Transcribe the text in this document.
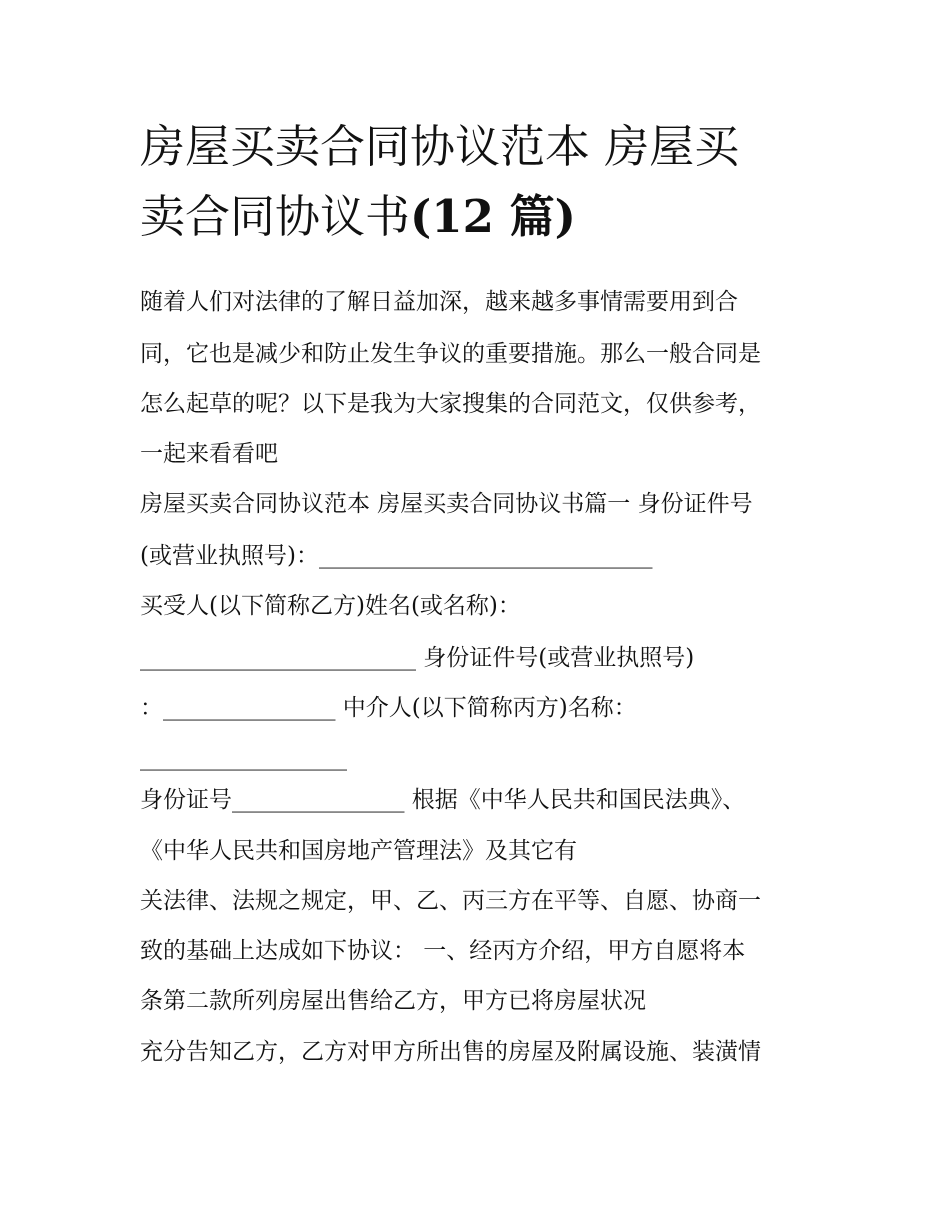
房屋买卖合同协议范本 房屋买
卖合同协议书(12 篇)

随着人们对法律的了解日益加深，越来越多事情需要用到合

同，它也是减少和防止发生争议的重要措施。那么一般合同是

怎么起草的呢？以下是我为大家搜集的合同范文，仅供参考，

一起来看看吧

房屋买卖合同协议范本 房屋买卖合同协议书篇一 身份证件号

(或营业执照号)：_____________________________

买受人(以下简称乙方)姓名(或名称)：

________________________ 身份证件号(或营业执照号)

：_______________ 中介人(以下简称丙方)名称：

__________________

身份证号_______________ 根据《中华人民共和国民法典》、

《中华人民共和国房地产管理法》及其它有

关法律、法规之规定，甲、乙、丙三方在平等、自愿、协商一

致的基础上达成如下协议： 一、经丙方介绍，甲方自愿将本

条第二款所列房屋出售给乙方，甲方已将房屋状况

充分告知乙方，乙方对甲方所出售的房屋及附属设施、装潢情
